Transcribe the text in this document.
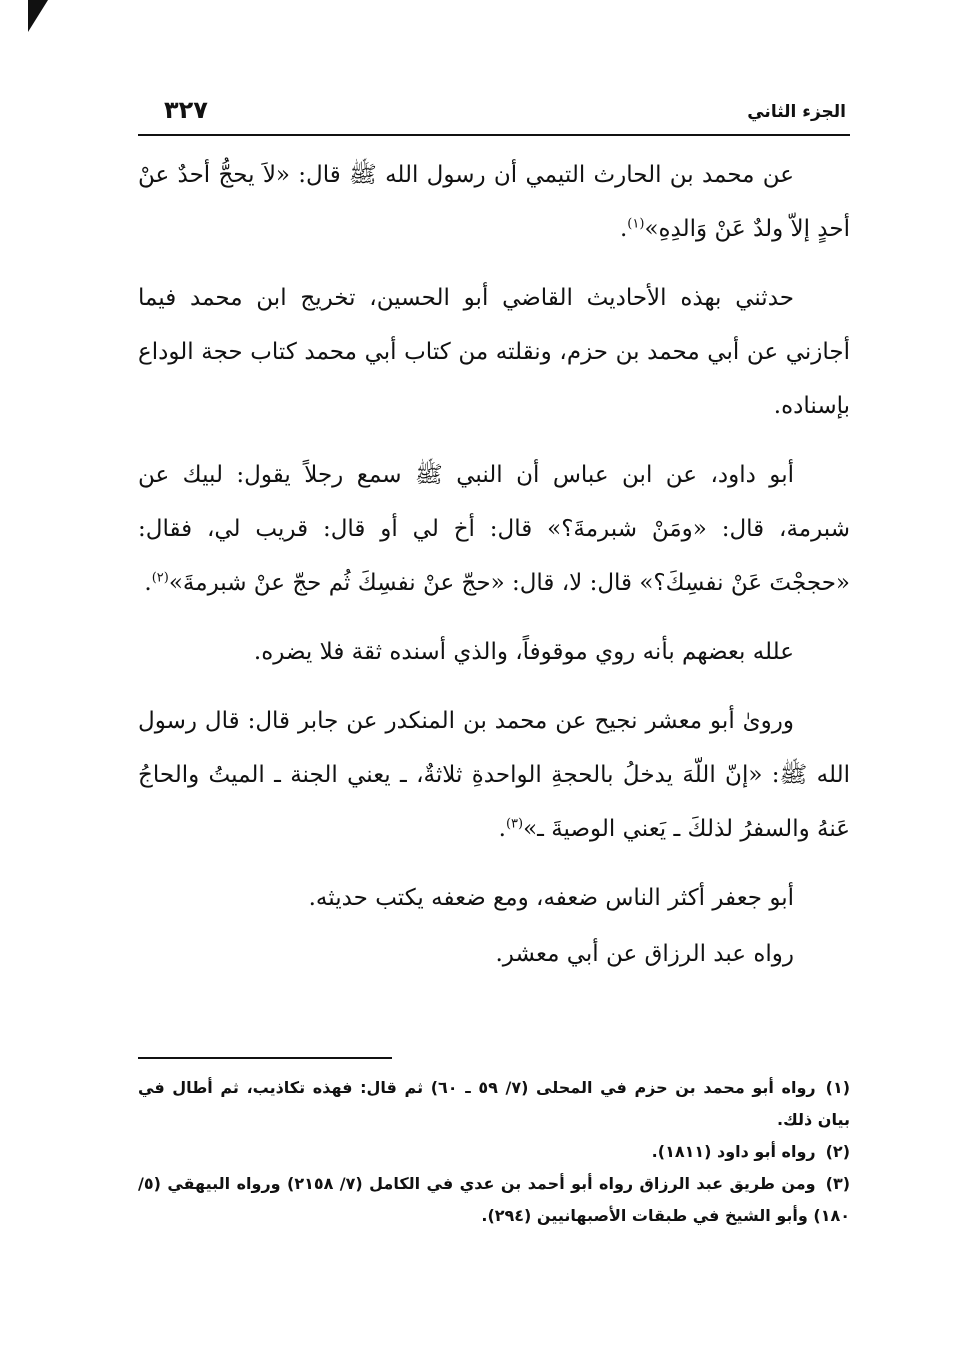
الجزء الثاني
٣٢٧

عن محمد بن الحارث التيمي أن رسول الله ﷺ قال: «لاَ يحجُّ أحدٌ عنْ أحدٍ إلاّ ولدٌ عَنْ وَالدِهِ»$^{(١)}$.

حدثني بهذه الأحاديث القاضي أبو الحسين، تخريج ابن محمد فيما أجازني عن أبي محمد بن حزم، ونقلته من كتاب أبي محمد كتاب حجة الوداع بإسناده.

أبو داود، عن ابن عباس أن النبي ﷺ سمع رجلاً يقول: لبيك عن شبرمة، قال: «ومَنْ شبرمةَ؟» قال: أخ لي أو قال: قريب لي، فقال: «حججْتَ عَنْ نفسِكَ؟» قال: لا، قال: «حجّ عنْ نفسِكَ ثُم حجّ عنْ شبرمةَ»$^{(٢)}$.

علله بعضهم بأنه روي موقوفاً، والذي أسنده ثقة فلا يضره.

ورو‌ىٰ أبو معشر نجيح عن محمد بن المنكدر عن جابر قال: قال رسول الله ﷺ: «إنّ اللّهَ يدخلُ بالحجةِ الواحدةِ ثلاثةٌ، ـ يعني الجنة ـ الميتُ والحاجُ عَنهُ والسفرُ لذلكَ ـ يَعني الوصيةَ ـ»$^{(٣)}$.

أبو جعفر أكثر الناس ضعفه، ومع ضعفه يكتب حديثه.

رواه عبد الرزاق عن أبي معشر.

(١)رواه أبو محمد بن حزم في المحلى (٧/ ٥٩ ـ ٦٠) ثم قال: فهذه تكاذيب، ثم أطال في بيان ذلك.
(٢)رواه أبو داود (١٨١١).
(٣)ومن طريق عبد الرزاق رواه أبو أحمد بن عدي في الكامل (٧/ ٢١٥٨) ورواه البيهقي (٥/ ١٨٠) وأبو الشيخ في طبقات الأصبهانيين (٢٩٤).
